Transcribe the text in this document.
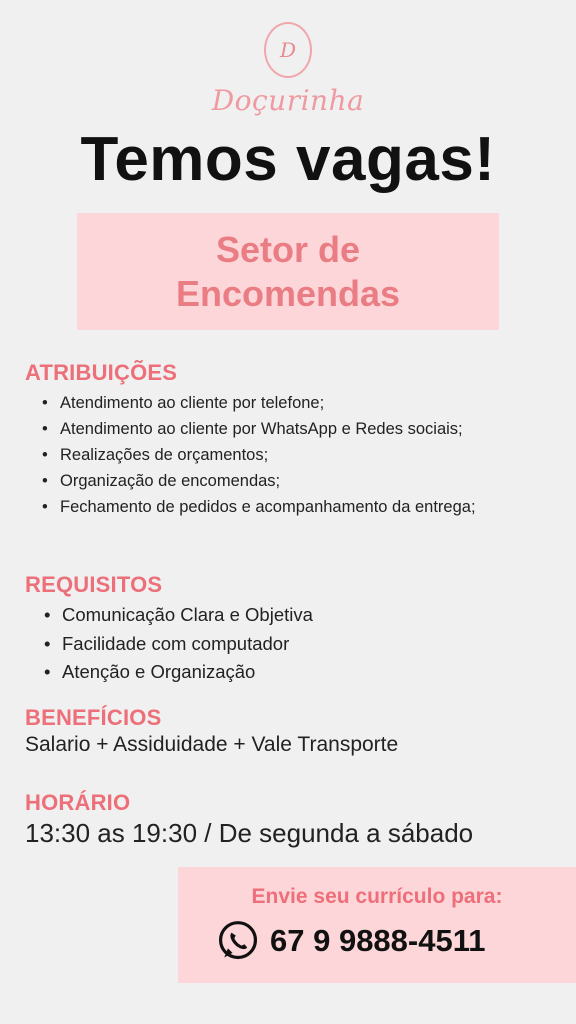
D
Doçurinha
Temos vagas!
Setor de
Encomendas
ATRIBUIÇÕES
• Atendimento ao cliente por telefone;
• Atendimento ao cliente por WhatsApp e Redes sociais;
• Realizações de orçamentos;
• Organização de encomendas;
• Fechamento de pedidos e acompanhamento da entrega;
REQUISITOS
• Comunicação Clara e Objetiva
• Facilidade com computador
• Atenção e Organização
BENEFÍCIOS
Salario + Assiduidade + Vale Transporte
HORÁRIO
13:30 as 19:30 / De segunda a sábado
Envie seu currículo para:
67 9 9888-4511
